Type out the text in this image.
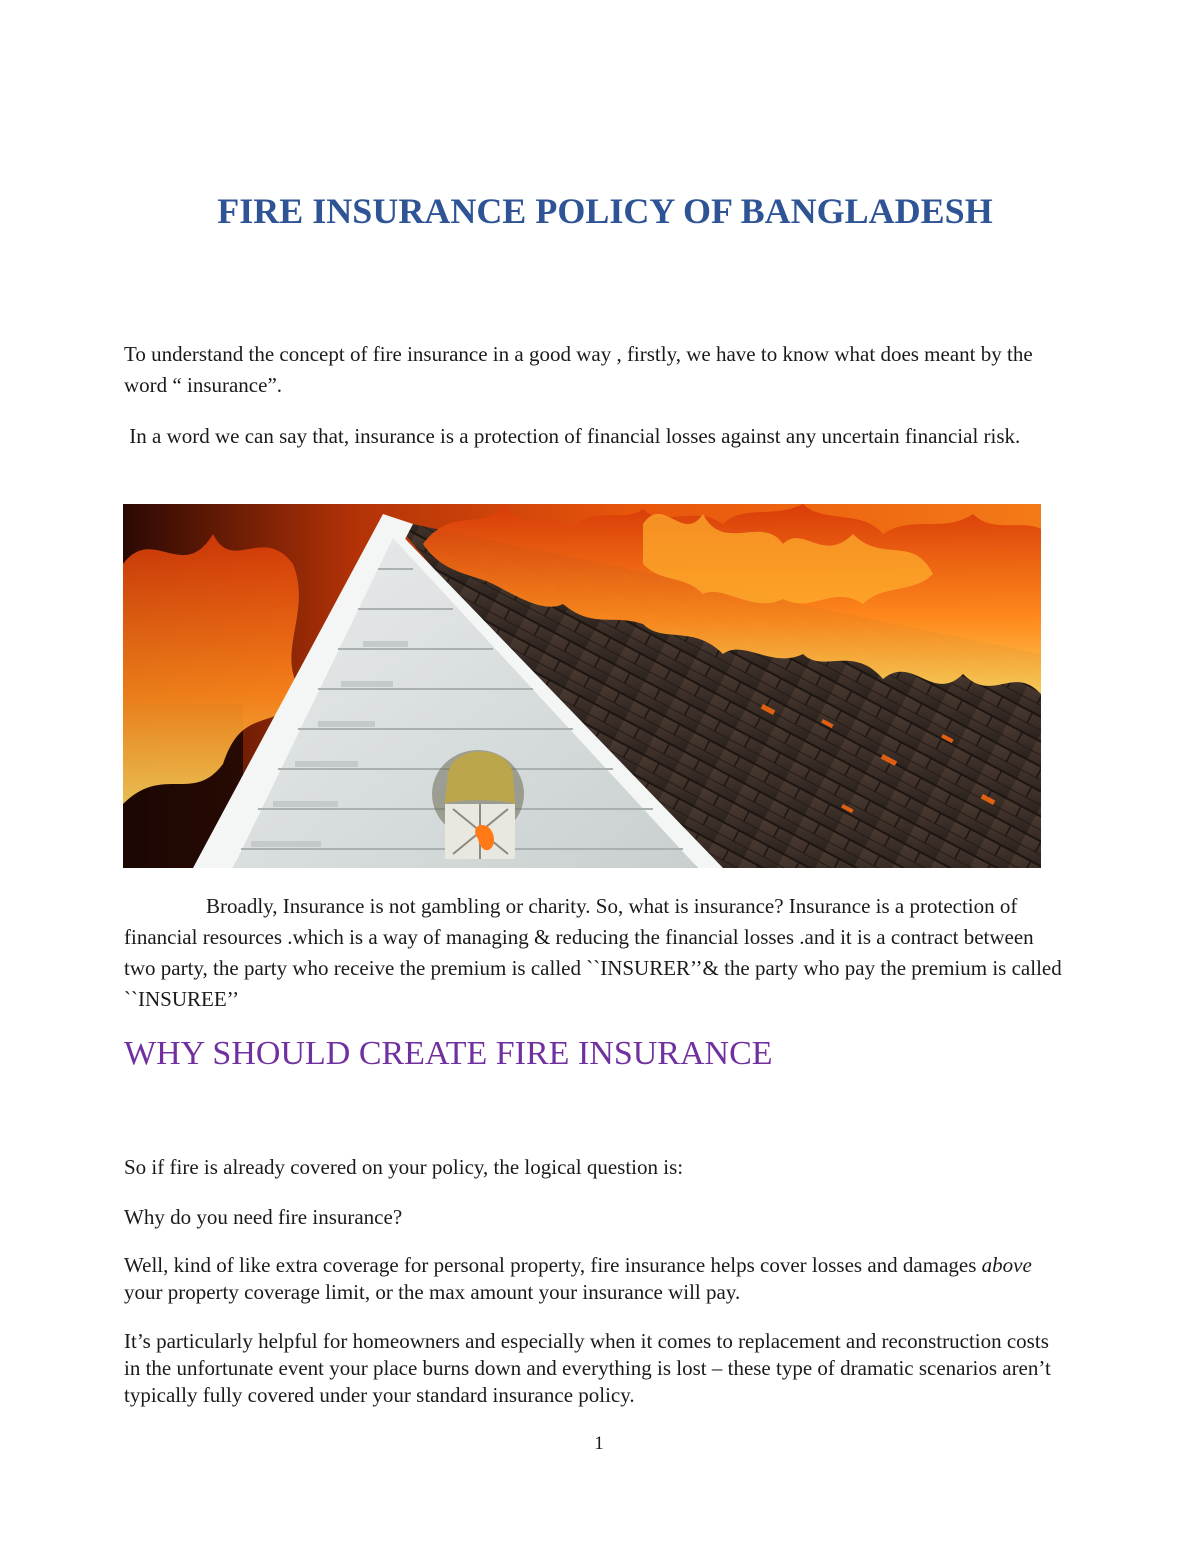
FIRE INSURANCE POLICY OF BANGLADESH

To understand the concept of fire insurance in a good way , firstly, we have to know what does meant by the word “ insurance”.

In a word we can say that, insurance is a protection of financial losses against any uncertain financial risk.

Broadly, Insurance is not gambling or charity. So, what is insurance? Insurance is a protection of financial resources .which is a way of managing & reducing the financial losses .and it is a contract between two party, the party who receive the premium is called ``INSURER’’& the party who pay the premium is called ``INSUREE’’

WHY SHOULD CREATE FIRE INSURANCE

So if fire is already covered on your policy, the logical question is:

Why do you need fire insurance?

Well, kind of like extra coverage for personal property, fire insurance helps cover losses and damages above your property coverage limit, or the max amount your insurance will pay.

It’s particularly helpful for homeowners and especially when it comes to replacement and reconstruction costs in the unfortunate event your place burns down and everything is lost – these type of dramatic scenarios aren’t typically fully covered under your standard insurance policy.

1
